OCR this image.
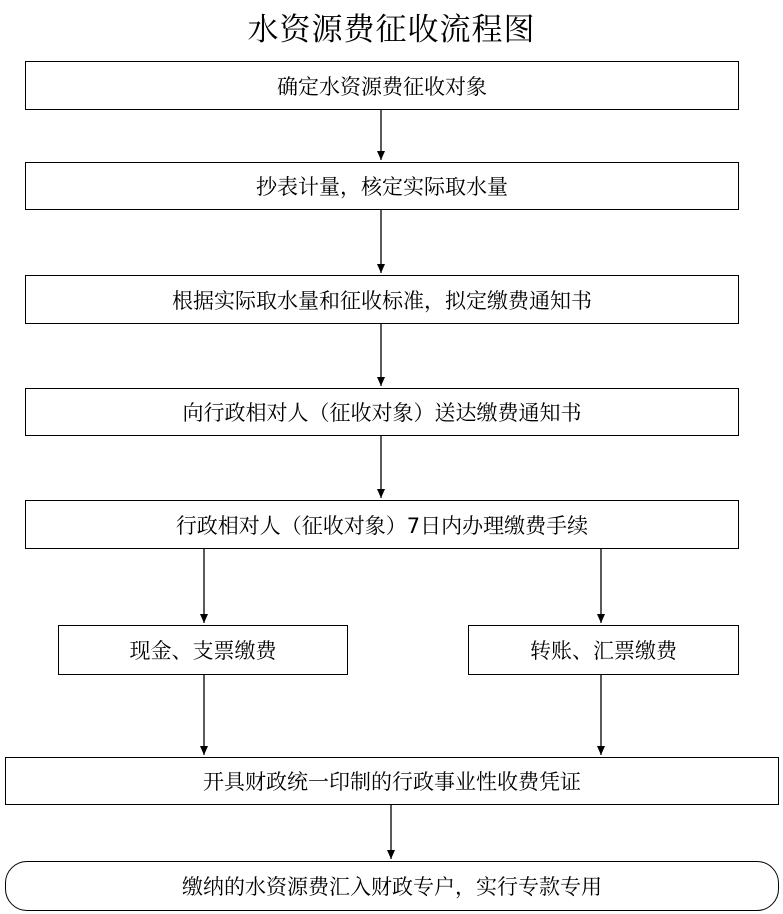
水资源费征收流程图
确定水资源费征收对象
抄表计量，核定实际取水量
根据实际取水量和征收标准，拟定缴费通知书
向行政相对人（征收对象）送达缴费通知书
行政相对人（征收对象）7日内办理缴费手续
现金、支票缴费	转账、汇票缴费
开具财政统一印制的行政事业性收费凭证
缴纳的水资源费汇入财政专户，实行专款专用
